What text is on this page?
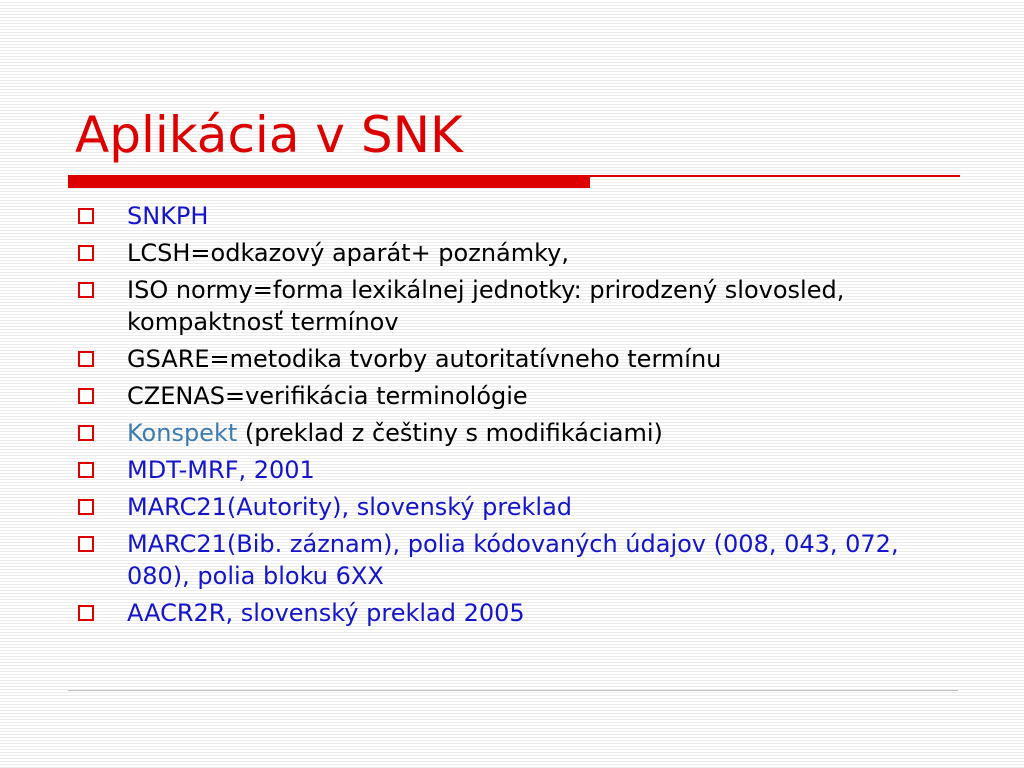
Aplikácia v SNK
SNKPH
LCSH=odkazový aparát+ poznámky,
ISO normy=forma lexikálnej jednotky: prirodzený slovosled, kompaktnosť termínov
GSARE=metodika tvorby autoritatívneho termínu
CZENAS=verifikácia terminológie
Konspekt (preklad z češtiny s modifikáciami)
MDT-MRF, 2001
MARC21(Autority), slovenský preklad
MARC21(Bib. záznam), polia kódovaných údajov (008, 043, 072, 080), polia bloku 6XX
AACR2R, slovenský preklad 2005
